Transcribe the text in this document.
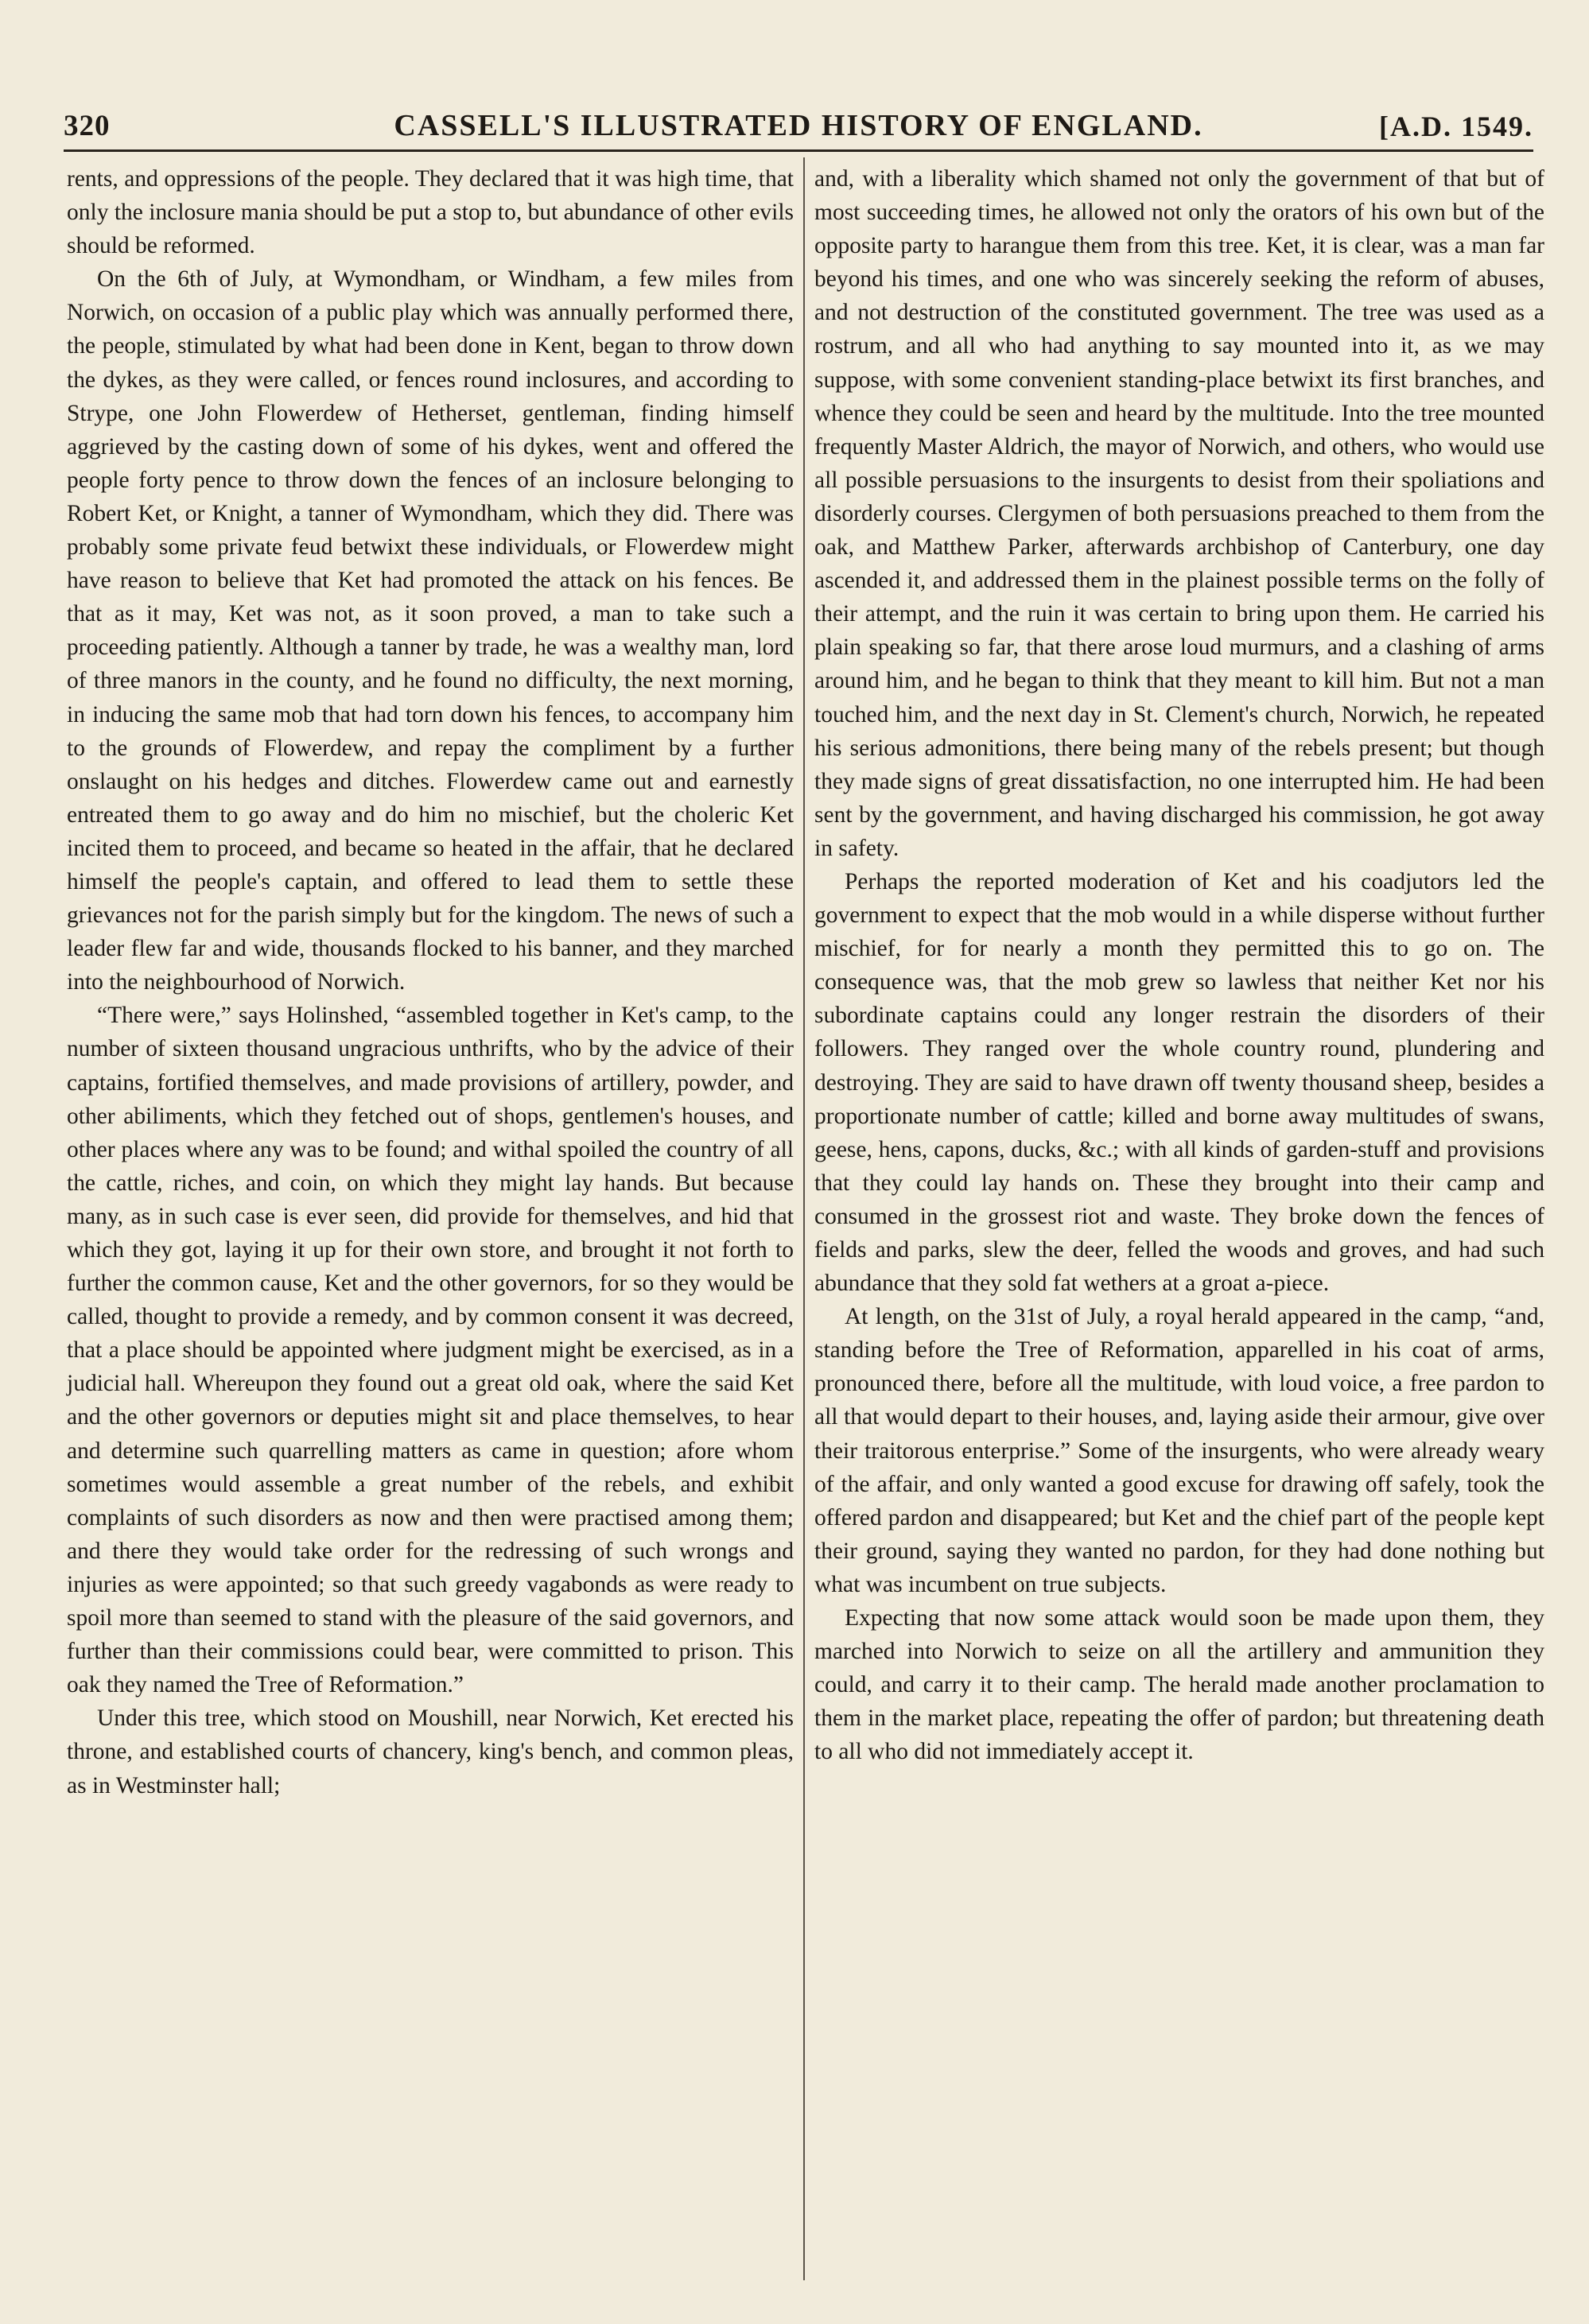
320	CASSELL'S ILLUSTRATED HISTORY OF ENGLAND.	[A.D. 1549.

rents, and oppressions of the people. They declared that it was high time, that only the inclosure mania should be put a stop to, but abundance of other evils should be reformed.

On the 6th of July, at Wymondham, or Windham, a few miles from Norwich, on occasion of a public play which was annually performed there, the people, stimulated by what had been done in Kent, began to throw down the dykes, as they were called, or fences round inclosures, and according to Strype, one John Flowerdew of Hetherset, gentleman, finding himself aggrieved by the casting down of some of his dykes, went and offered the people forty pence to throw down the fences of an inclosure belonging to Robert Ket, or Knight, a tanner of Wymondham, which they did. There was probably some private feud betwixt these individuals, or Flowerdew might have reason to believe that Ket had promoted the attack on his fences. Be that as it may, Ket was not, as it soon proved, a man to take such a proceeding patiently. Although a tanner by trade, he was a wealthy man, lord of three manors in the county, and he found no difficulty, the next morning, in inducing the same mob that had torn down his fences, to accompany him to the grounds of Flowerdew, and repay the compliment by a further onslaught on his hedges and ditches. Flowerdew came out and earnestly entreated them to go away and do him no mischief, but the choleric Ket incited them to proceed, and became so heated in the affair, that he declared himself the people's captain, and offered to lead them to settle these grievances not for the parish simply but for the kingdom. The news of such a leader flew far and wide, thousands flocked to his banner, and they marched into the neighbourhood of Norwich.

“There were,” says Holinshed, “assembled together in Ket's camp, to the number of sixteen thousand ungracious unthrifts, who by the advice of their captains, fortified themselves, and made provisions of artillery, powder, and other abiliments, which they fetched out of shops, gentlemen's houses, and other places where any was to be found; and withal spoiled the country of all the cattle, riches, and coin, on which they might lay hands. But because many, as in such case is ever seen, did provide for themselves, and hid that which they got, laying it up for their own store, and brought it not forth to further the common cause, Ket and the other governors, for so they would be called, thought to provide a remedy, and by common consent it was decreed, that a place should be appointed where judgment might be exercised, as in a judicial hall. Whereupon they found out a great old oak, where the said Ket and the other governors or deputies might sit and place themselves, to hear and determine such quarrelling matters as came in question; afore whom sometimes would assemble a great number of the rebels, and exhibit complaints of such disorders as now and then were practised among them; and there they would take order for the redressing of such wrongs and injuries as were appointed; so that such greedy vagabonds as were ready to spoil more than seemed to stand with the pleasure of the said governors, and further than their commissions could bear, were committed to prison. This oak they named the Tree of Reformation.”

Under this tree, which stood on Moushill, near Norwich, Ket erected his throne, and established courts of chancery, king's bench, and common pleas, as in Westminster hall;

and, with a liberality which shamed not only the government of that but of most succeeding times, he allowed not only the orators of his own but of the opposite party to harangue them from this tree. Ket, it is clear, was a man far beyond his times, and one who was sincerely seeking the reform of abuses, and not destruction of the constituted government. The tree was used as a rostrum, and all who had anything to say mounted into it, as we may suppose, with some convenient standing-place betwixt its first branches, and whence they could be seen and heard by the multitude. Into the tree mounted frequently Master Aldrich, the mayor of Norwich, and others, who would use all possible persuasions to the insurgents to desist from their spoliations and disorderly courses. Clergymen of both persuasions preached to them from the oak, and Matthew Parker, afterwards archbishop of Canterbury, one day ascended it, and addressed them in the plainest possible terms on the folly of their attempt, and the ruin it was certain to bring upon them. He carried his plain speaking so far, that there arose loud murmurs, and a clashing of arms around him, and he began to think that they meant to kill him. But not a man touched him, and the next day in St. Clement's church, Norwich, he repeated his serious admonitions, there being many of the rebels present; but though they made signs of great dissatisfaction, no one interrupted him. He had been sent by the government, and having discharged his commission, he got away in safety.

Perhaps the reported moderation of Ket and his coadjutors led the government to expect that the mob would in a while disperse without further mischief, for for nearly a month they permitted this to go on. The consequence was, that the mob grew so lawless that neither Ket nor his subordinate captains could any longer restrain the disorders of their followers. They ranged over the whole country round, plundering and destroying. They are said to have drawn off twenty thousand sheep, besides a proportionate number of cattle; killed and borne away multitudes of swans, geese, hens, capons, ducks, &c.; with all kinds of garden-stuff and provisions that they could lay hands on. These they brought into their camp and consumed in the grossest riot and waste. They broke down the fences of fields and parks, slew the deer, felled the woods and groves, and had such abundance that they sold fat wethers at a groat a-piece.

At length, on the 31st of July, a royal herald appeared in the camp, “and, standing before the Tree of Reformation, apparelled in his coat of arms, pronounced there, before all the multitude, with loud voice, a free pardon to all that would depart to their houses, and, laying aside their armour, give over their traitorous enterprise.” Some of the insurgents, who were already weary of the affair, and only wanted a good excuse for drawing off safely, took the offered pardon and disappeared; but Ket and the chief part of the people kept their ground, saying they wanted no pardon, for they had done nothing but what was incumbent on true subjects.

Expecting that now some attack would soon be made upon them, they marched into Norwich to seize on all the artillery and ammunition they could, and carry it to their camp. The herald made another proclamation to them in the market place, repeating the offer of pardon; but threatening death to all who did not immediately accept it.
